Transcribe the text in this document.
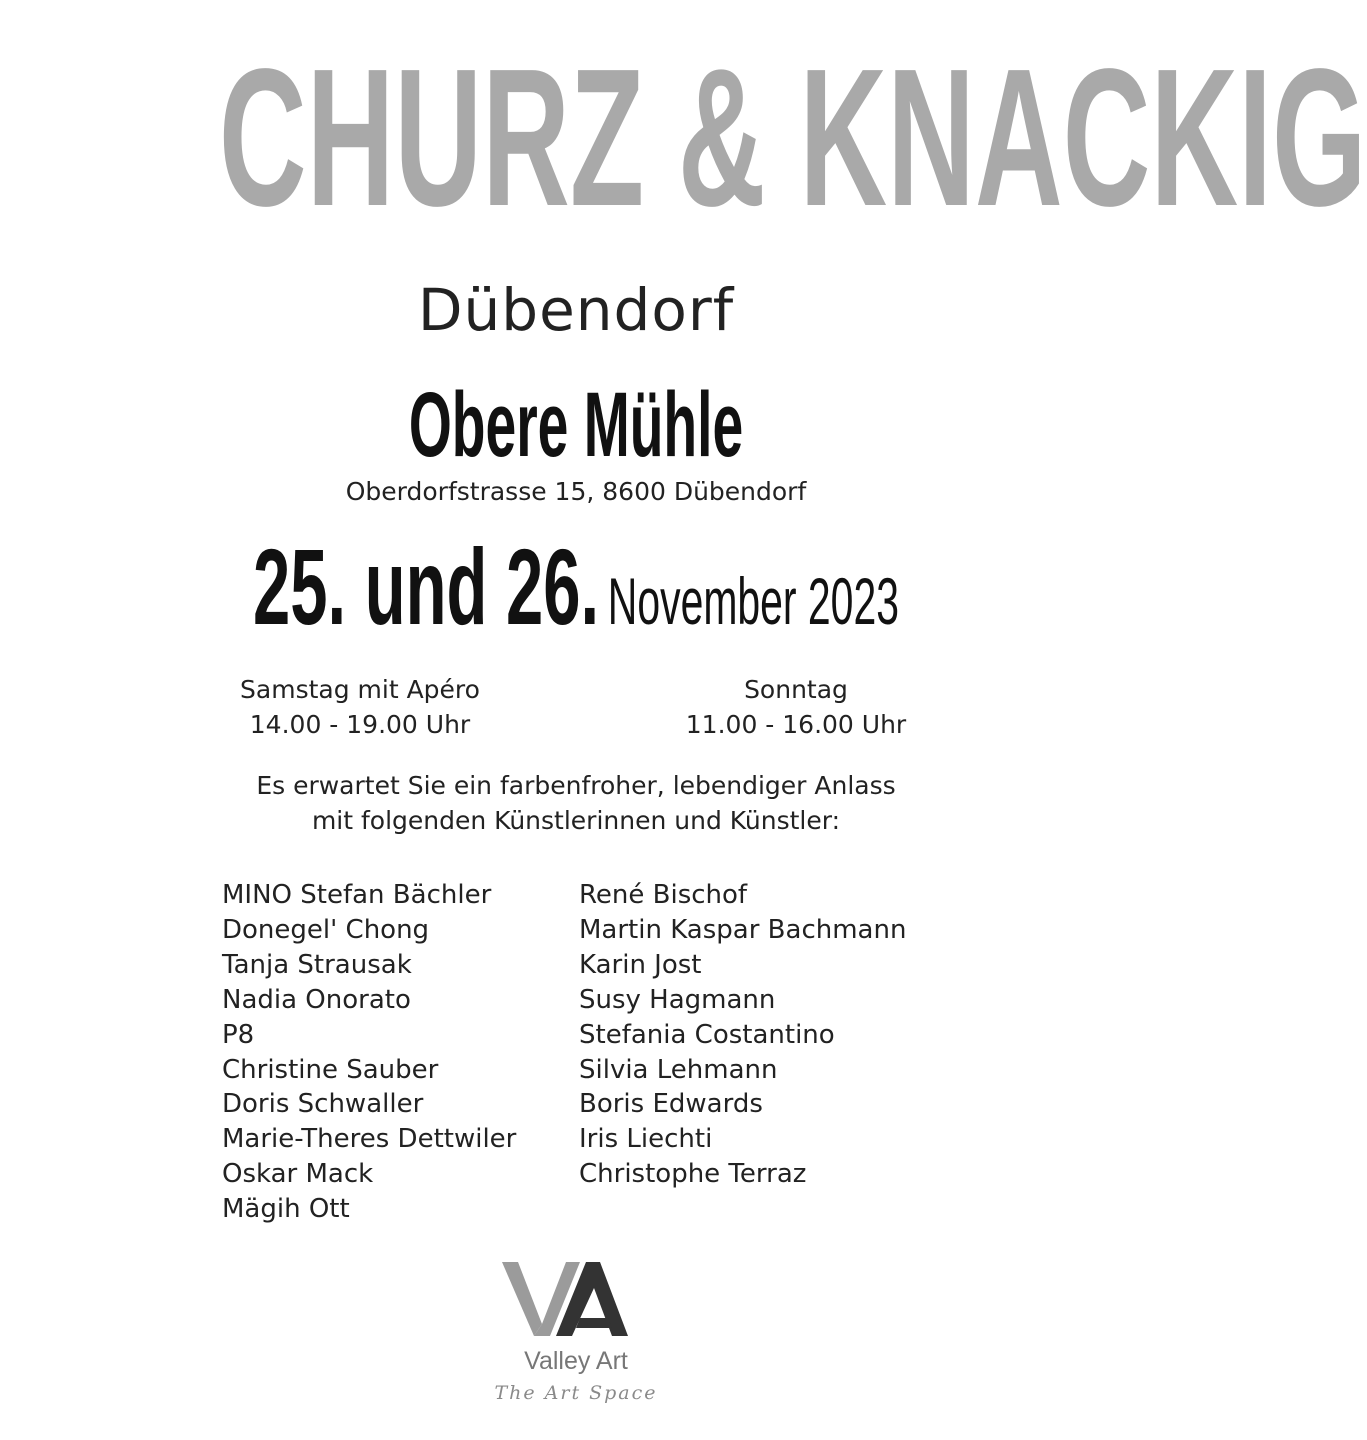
CHURZ & KNACKIG
Dübendorf
Obere Mühle
Oberdorfstrasse 15, 8600 Dübendorf
25. und 26. November 2023
Samstag mit Apéro
14.00 - 19.00 Uhr
Sonntag
11.00 - 16.00 Uhr
Es erwartet Sie ein farbenfroher, lebendiger Anlass
mit folgenden Künstlerinnen und Künstler:
MINO Stefan Bächler
Donegel' Chong
Tanja Strausak
Nadia Onorato
P8
Christine Sauber
Doris Schwaller
Marie-Theres Dettwiler
Oskar Mack
Mägih Ott
René Bischof
Martin Kaspar Bachmann
Karin Jost
Susy Hagmann
Stefania Costantino
Silvia Lehmann
Boris Edwards
Iris Liechti
Christophe Terraz
Valley Art
The Art Space
